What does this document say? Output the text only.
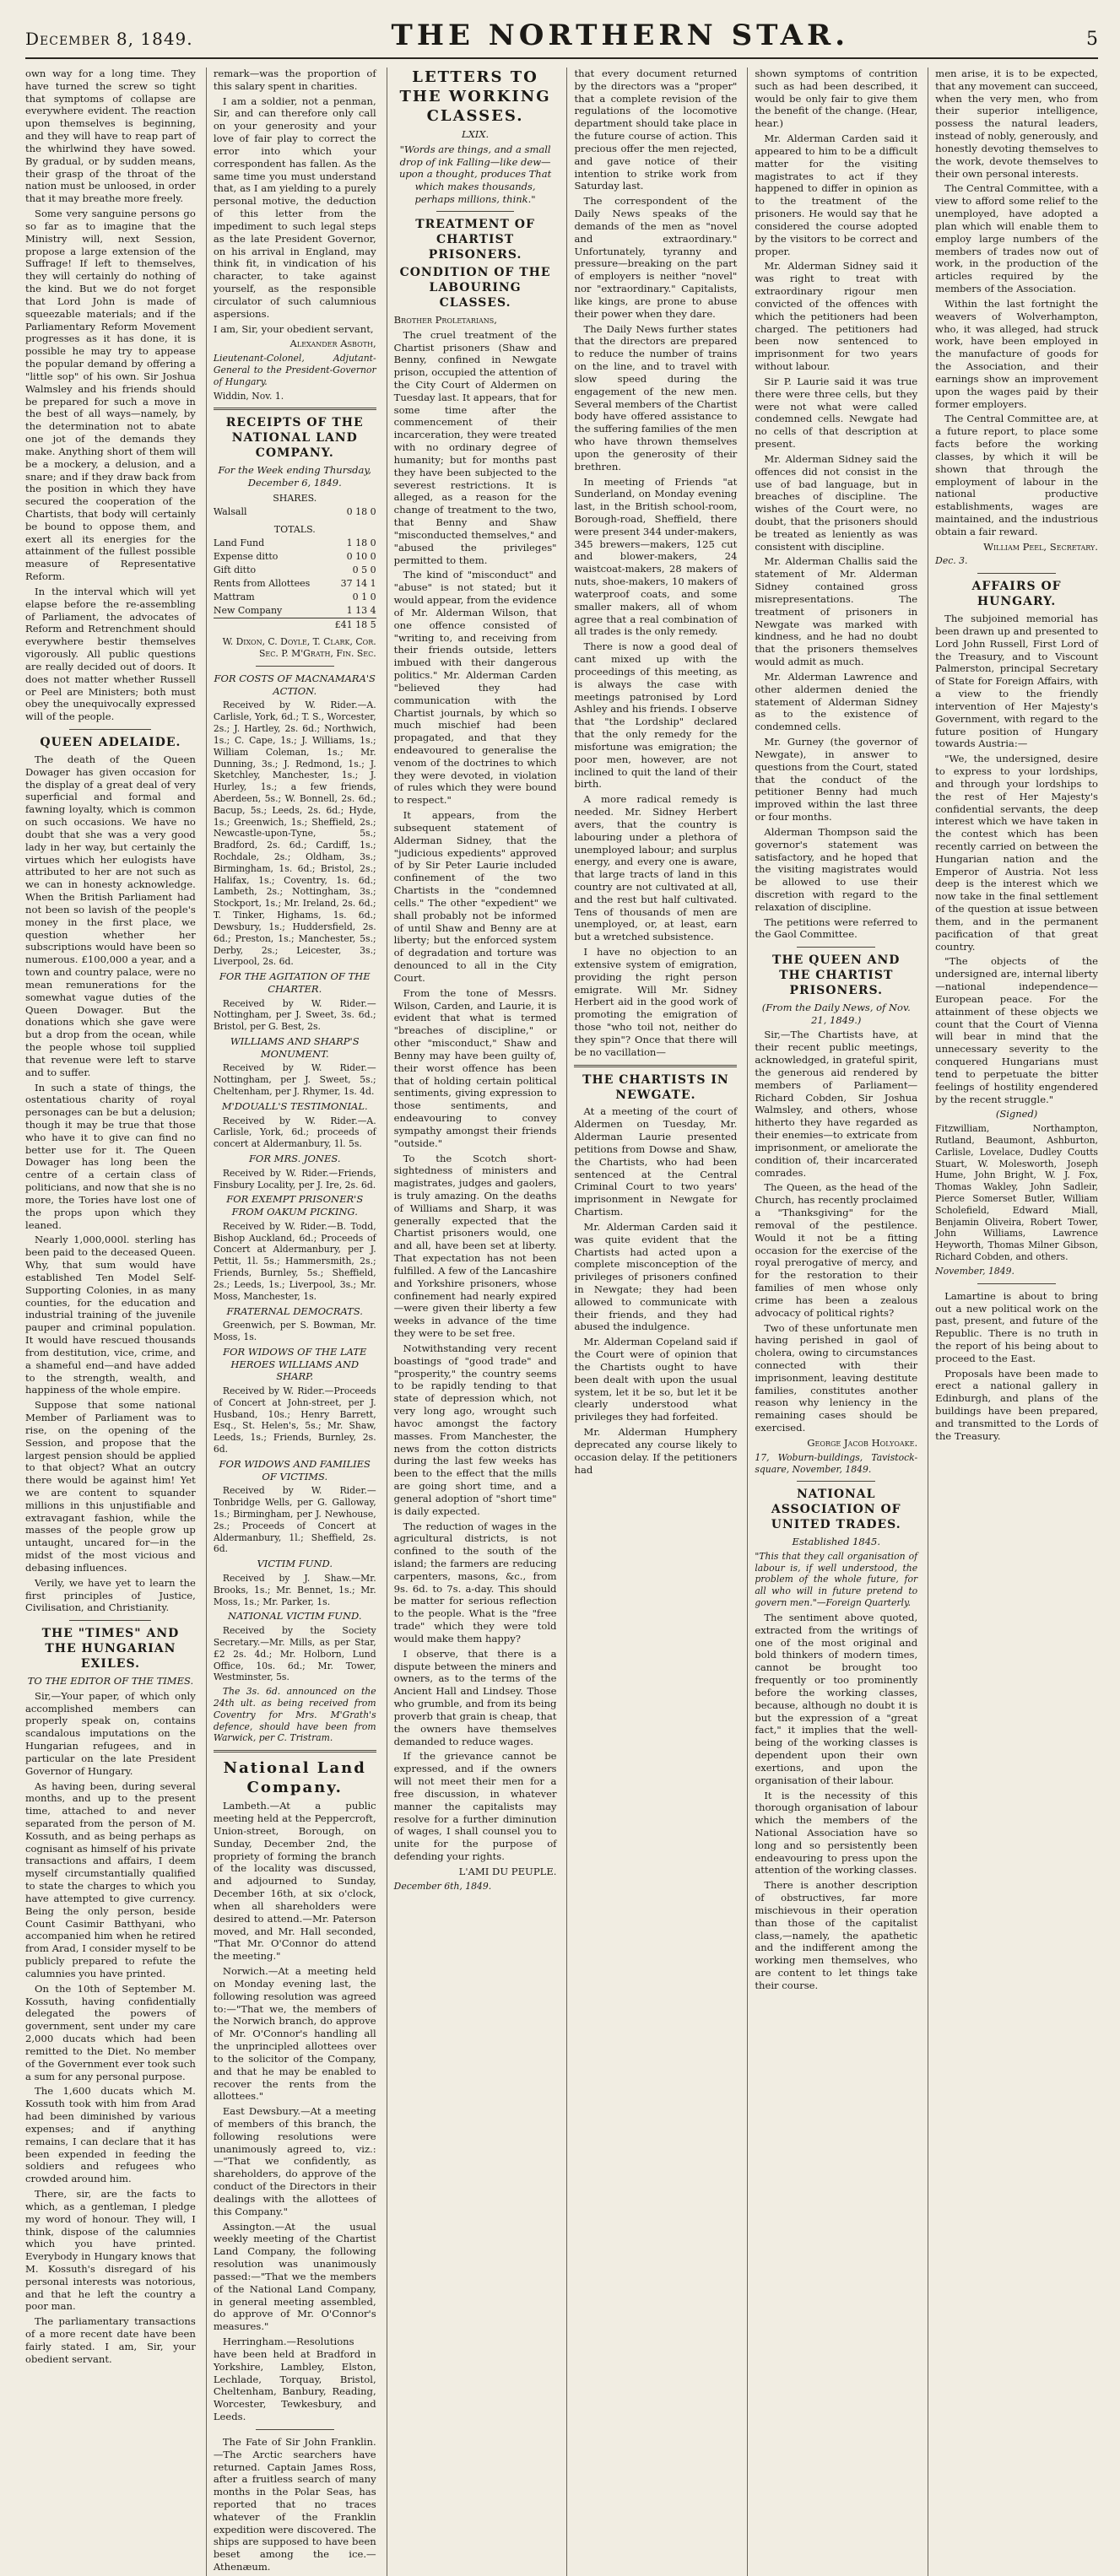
December 8, 1849.	THE NORTHERN STAR.	5

own way for a long time. They have turned the screw so tight that symptoms of collapse are everywhere evident. The reaction upon themselves is beginning, and they will have to reap part of the whirlwind they have sowed. By gradual, or by sudden means, their grasp of the throat of the nation must be unloosed, in order that it may breathe more freely.

Some very sanguine persons go so far as to imagine that the Ministry will, next Session, propose a large extension of the Suffrage! If left to themselves, they will certainly do nothing of the kind. But we do not forget that Lord John is made of squeezable materials; and if the Parliamentary Reform Movement progresses as it has done, it is possible he may try to appease the popular demand by offering a "little sop" of his own. Sir Joshua Walmsley and his friends should be prepared for such a move in the best of all ways—namely, by the determination not to abate one jot of the demands they make. Anything short of them will be a mockery, a delusion, and a snare; and if they draw back from the position in which they have secured the cooperation of the Chartists, that body will certainly be bound to oppose them, and exert all its energies for the attainment of the fullest possible measure of Representative Reform.

In the interval which will yet elapse before the re-assembling of Parliament, the advocates of Reform and Retrenchment should everywhere bestir themselves vigorously. All public questions are really decided out of doors. It does not matter whether Russell or Peel are Ministers; both must obey the unequivocally expressed will of the people.

QUEEN ADELAIDE.

The death of the Queen Dowager has given occasion for the display of a great deal of very superficial and formal and fawning loyalty, which is common on such occasions. We have no doubt that she was a very good lady in her way, but certainly the virtues which her eulogists have attributed to her are not such as we can in honesty acknowledge. When the British Parliament had not been so lavish of the people's money in the first place, we question whether her subscriptions would have been so numerous. £100,000 a year, and a town and country palace, were no mean remunerations for the somewhat vague duties of the Queen Dowager. But the donations which she gave were but a drop from the ocean, while the people whose toil supplied that revenue were left to starve and to suffer.

In such a state of things, the ostentatious charity of royal personages can be but a delusion; though it may be true that those who have it to give can find no better use for it. The Queen Dowager has long been the centre of a certain class of politicians, and now that she is no more, the Tories have lost one of the props upon which they leaned.

Nearly 1,000,000l. sterling has been paid to the deceased Queen. Why, that sum would have established Ten Model Self-Supporting Colonies, in as many counties, for the education and industrial training of the juvenile pauper and criminal population. It would have rescued thousands from destitution, vice, crime, and a shameful end—and have added to the strength, wealth, and happiness of the whole empire.

Suppose that some national Member of Parliament was to rise, on the opening of the Session, and propose that the largest pension should be applied to that object? What an outcry there would be against him! Yet we are content to squander millions in this unjustifiable and extravagant fashion, while the masses of the people grow up untaught, uncared for—in the midst of the most vicious and debasing influences.

Verily, we have yet to learn the first principles of Justice, Civilisation, and Christianity.

THE "TIMES" AND THE HUNGARIAN EXILES.

TO THE EDITOR OF THE TIMES.

Sir,—Your paper, of which only accomplished members can properly speak on, contains scandalous imputations on the Hungarian refugees, and in particular on the late President Governor of Hungary.

As having been, during several months, and up to the present time, attached to and never separated from the person of M. Kossuth, and as being perhaps as cognisant as himself of his private transactions and affairs, I deem myself circumstantially qualified to state the charges to which you have attempted to give currency. Being the only person, beside Count Casimir Batthyani, who accompanied him when he retired from Arad, I consider myself to be publicly prepared to refute the calumnies you have printed.

On the 10th of September M. Kossuth, having confidentially delegated the powers of government, sent under my care 2,000 ducats which had been remitted to the Diet. No member of the Government ever took such a sum for any personal purpose.

The 1,600 ducats which M. Kossuth took with him from Arad had been diminished by various expenses; and if anything remains, I can declare that it has been expended in feeding the soldiers and refugees who crowded around him.

There, sir, are the facts to which, as a gentleman, I pledge my word of honour. They will, I think, dispose of the calumnies which you have printed. Everybody in Hungary knows that M. Kossuth's disregard of his personal interests was notorious, and that he left the country a poor man.

The parliamentary transactions of a more recent date have been fairly stated. I am, Sir, your obedient servant.

remark—was the proportion of this salary spent in charities.

I am a soldier, not a penman, Sir, and can therefore only call on your generosity and your love of fair play to correct the error into which your correspondent has fallen. As the same time you must understand that, as I am yielding to a purely personal motive, the deduction of this letter from the impediment to such legal steps as the late President Governor, on his arrival in England, may think fit, in vindication of his character, to take against yourself, as the responsible circulator of such calumnious aspersions.

I am, Sir, your obedient servant,

Alexander Asboth,

Lieutenant-Colonel, Adjutant-General to the President-Governor of Hungary.

Widdin, Nov. 1.

RECEIPTS OF THE NATIONAL LAND COMPANY.

For the Week ending Thursday, December 6, 1849.

SHARES.
Walsall	0 18 0
TOTALS.	
Land Fund	1 18 0
Expense ditto	0 10 0
Gift ditto	0 5 0
Rents from Allottees	37 14 1
Mattram	0 1 0
New Company	1 13 4
	£41 18 5

W. Dixon, C. Doyle, T. Clark, Cor. Sec. P. M'Grath, Fin. Sec.

FOR COSTS OF MACNAMARA'S ACTION.

Received by W. Rider.—A. Carlisle, York, 6d.; T. S., Worcester, 2s.; J. Hartley, 2s. 6d.; Northwich, 1s.; C. Cape, 1s.; J. Williams, 1s.; William Coleman, 1s.; Mr. Dunning, 3s.; J. Redmond, 1s.; J. Sketchley, Manchester, 1s.; J. Hurley, 1s.; a few friends, Aberdeen, 5s.; W. Bonnell, 2s. 6d.; Bacup, 5s.; Leeds, 2s. 6d.; Hyde, 1s.; Greenwich, 1s.; Sheffield, 2s.; Newcastle-upon-Tyne, 5s.; Bradford, 2s. 6d.; Cardiff, 1s.; Rochdale, 2s.; Oldham, 3s.; Birmingham, 1s. 6d.; Bristol, 2s.; Halifax, 1s.; Coventry, 1s. 6d.; Lambeth, 2s.; Nottingham, 3s.; Stockport, 1s.; Mr. Ireland, 2s. 6d.; T. Tinker, Highams, 1s. 6d.; Dewsbury, 1s.; Huddersfield, 2s. 6d.; Preston, 1s.; Manchester, 5s.; Derby, 2s.; Leicester, 3s.; Liverpool, 2s. 6d.

FOR THE AGITATION OF THE CHARTER.

Received by W. Rider.—Nottingham, per J. Sweet, 3s. 6d.; Bristol, per G. Best, 2s.

WILLIAMS AND SHARP'S MONUMENT.

Received by W. Rider.—Nottingham, per J. Sweet, 5s.; Cheltenham, per J. Rhymer, 1s. 4d.

M'DOUALL'S TESTIMONIAL.

Received by W. Rider.—A. Carlisle, York, 6d.; proceeds of concert at Aldermanbury, 1l. 5s.

FOR MRS. JONES.

Received by W. Rider.—Friends, Finsbury Locality, per J. Ire, 2s. 6d.

FOR EXEMPT PRISONER'S FROM OAKUM PICKING.

Received by W. Rider.—B. Todd, Bishop Auckland, 6d.; Proceeds of Concert at Aldermanbury, per J. Pettit, 1l. 5s.; Hammersmith, 2s.; Friends, Burnley, 5s.; Sheffield, 2s.; Leeds, 1s.; Liverpool, 3s.; Mr. Moss, Manchester, 1s.

FRATERNAL DEMOCRATS.

Greenwich, per S. Bowman, Mr. Moss, 1s.

FOR WIDOWS OF THE LATE HEROES WILLIAMS AND SHARP.

Received by W. Rider.—Proceeds of Concert at John-street, per J. Husband, 10s.; Henry Barrett, Esq., St. Helen's, 5s.; Mr. Shaw, Leeds, 1s.; Friends, Burnley, 2s. 6d.

FOR WIDOWS AND FAMILIES OF VICTIMS.

Received by W. Rider.—Tonbridge Wells, per G. Galloway, 1s.; Birmingham, per J. Newhouse, 2s.; Proceeds of Concert at Aldermanbury, 1l.; Sheffield, 2s. 6d.

VICTIM FUND.

Received by J. Shaw.—Mr. Brooks, 1s.; Mr. Bennet, 1s.; Mr. Moss, 1s.; Mr. Parker, 1s.

NATIONAL VICTIM FUND.

Received by the Society Secretary.—Mr. Mills, as per Star, £2 2s. 4d.; Mr. Holborn, Lund Office, 10s. 6d.; Mr. Tower, Westminster, 5s.

The 3s. 6d. announced on the 24th ult. as being received from Coventry for Mrs. M'Grath's defence, should have been from Warwick, per C. Tristram.

National Land Company.

Lambeth.—At a public meeting held at the Peppercroft, Union-street, Borough, on Sunday, December 2nd, the propriety of forming the branch of the locality was discussed, and adjourned to Sunday, December 16th, at six o'clock, when all shareholders were desired to attend.—Mr. Paterson moved, and Mr. Hall seconded, "That Mr. O'Connor do attend the meeting."

Norwich.—At a meeting held on Monday evening last, the following resolution was agreed to:—"That we, the members of the Norwich branch, do approve of Mr. O'Connor's handling all the unprincipled allottees over to the solicitor of the Company, and that he may be enabled to recover the rents from the allottees."

East Dewsbury.—At a meeting of members of this branch, the following resolutions were unanimously agreed to, viz.:—"That we confidently, as shareholders, do approve of the conduct of the Directors in their dealings with the allottees of this Company."

Assington.—At the usual weekly meeting of the Chartist Land Company, the following resolution was unanimously passed:—"That we the members of the National Land Company, in general meeting assembled, do approve of Mr. O'Connor's measures."

Herringham.—Resolutions have been held at Bradford in Yorkshire, Lambley, Elston, Lechlade, Torquay, Bristol, Cheltenham, Banbury, Reading, Worcester, Tewkesbury, and Leeds.

The Fate of Sir John Franklin.—The Arctic searchers have returned. Captain James Ross, after a fruitless search of many months in the Polar Seas, has reported that no traces whatever of the Franklin expedition were discovered. The ships are supposed to have been beset among the ice.—Athenæum.

LETTERS TO THE WORKING CLASSES.

LXIX.

"Words are things, and a small drop of ink Falling—like dew—upon a thought, produces That which makes thousands, perhaps millions, think."

TREATMENT OF CHARTIST PRISONERS.

CONDITION OF THE LABOURING CLASSES.

Brother Proletarians,

The cruel treatment of the Chartist prisoners (Shaw and Benny, confined in Newgate prison, occupied the attention of the City Court of Aldermen on Tuesday last. It appears, that for some time after the commencement of their incarceration, they were treated with no ordinary degree of humanity; but for months past they have been subjected to the severest restrictions. It is alleged, as a reason for the change of treatment to the two, that Benny and Shaw "misconducted themselves," and "abused the privileges" permitted to them.

The kind of "misconduct" and "abuse" is not stated; but it would appear, from the evidence of Mr. Alderman Wilson, that one offence consisted of "writing to, and receiving from their friends outside, letters imbued with their dangerous politics." Mr. Alderman Carden "believed they had communication with the Chartist journals, by which so much mischief had been propagated, and that they endeavoured to generalise the venom of the doctrines to which they were devoted, in violation of rules which they were bound to respect."

It appears, from the subsequent statement of Alderman Sidney, that the "judicious expedients" approved of by Sir Peter Laurie included confinement of the two Chartists in the "condemned cells." The other "expedient" we shall probably not be informed of until Shaw and Benny are at liberty; but the enforced system of degradation and torture was denounced to all in the City Court.

From the tone of Messrs. Wilson, Carden, and Laurie, it is evident that what is termed "breaches of discipline," or other "misconduct," Shaw and Benny may have been guilty of, their worst offence has been that of holding certain political sentiments, giving expression to those sentiments, and endeavouring to convey sympathy amongst their friends "outside."

To the Scotch short-sightedness of ministers and magistrates, judges and gaolers, is truly amazing. On the deaths of Williams and Sharp, it was generally expected that the Chartist prisoners would, one and all, have been set at liberty. That expectation has not been fulfilled. A few of the Lancashire and Yorkshire prisoners, whose confinement had nearly expired—were given their liberty a few weeks in advance of the time they were to be set free.

Notwithstanding very recent boastings of "good trade" and "prosperity," the country seems to be rapidly tending to that state of depression which, not very long ago, wrought such havoc amongst the factory masses. From Manchester, the news from the cotton districts during the last few weeks has been to the effect that the mills are going short time, and a general adoption of "short time" is daily expected.

The reduction of wages in the agricultural districts, is not confined to the south of the island; the farmers are reducing carpenters, masons, &c., from 9s. 6d. to 7s. a-day. This should be matter for serious reflection to the people. What is the "free trade" which they were told would make them happy?

I observe, that there is a dispute between the miners and owners, as to the terms of the Ancient Hall and Lindsey. Those who grumble, and from its being proverb that grain is cheap, that the owners have themselves demanded to reduce wages.

If the grievance cannot be expressed, and if the owners will not meet their men for a free discussion, in whatever manner the capitalists may resolve for a further diminution of wages, I shall counsel you to unite for the purpose of defending your rights.

L'AMI DU PEUPLE.

December 6th, 1849.

that every document returned by the directors was a "proper" that a complete revision of the regulations of the locomotive department should take place in the future course of action. This precious offer the men rejected, and gave notice of their intention to strike work from Saturday last.

The correspondent of the Daily News speaks of the demands of the men as "novel and extraordinary." Unfortunately, tyranny and pressure—breaking on the part of employers is neither "novel" nor "extraordinary." Capitalists, like kings, are prone to abuse their power when they dare.

The Daily News further states that the directors are prepared to reduce the number of trains on the line, and to travel with slow speed during the engagement of the new men. Several members of the Chartist body have offered assistance to the suffering families of the men who have thrown themselves upon the generosity of their brethren.

In meeting of Friends "at Sunderland, on Monday evening last, in the British school-room, Borough-road, Sheffield, there were present 344 under-makers, 345 brewers—makers, 125 cut and blower-makers, 24 waistcoat-makers, 28 makers of nuts, shoe-makers, 10 makers of waterproof coats, and some smaller makers, all of whom agree that a real combination of all trades is the only remedy.

There is now a good deal of cant mixed up with the proceedings of this meeting, as is always the case with meetings patronised by Lord Ashley and his friends. I observe that "the Lordship" declared that the only remedy for the misfortune was emigration; the poor men, however, are not inclined to quit the land of their birth.

A more radical remedy is needed. Mr. Sidney Herbert avers, that the country is labouring under a plethora of unemployed labour; and surplus energy, and every one is aware, that large tracts of land in this country are not cultivated at all, and the rest but half cultivated. Tens of thousands of men are unemployed, or, at least, earn but a wretched subsistence.

I have no objection to an extensive system of emigration, providing the right person emigrate. Will Mr. Sidney Herbert aid in the good work of promoting the emigration of those "who toil not, neither do they spin"? Once that there will be no vacillation—

THE CHARTISTS IN NEWGATE.

At a meeting of the court of Aldermen on Tuesday, Mr. Alderman Laurie presented petitions from Dowse and Shaw, the Chartists, who had been sentenced at the Central Criminal Court to two years' imprisonment in Newgate for Chartism.

Mr. Alderman Carden said it was quite evident that the Chartists had acted upon a complete misconception of the privileges of prisoners confined in Newgate; they had been allowed to communicate with their friends, and they had abused the indulgence.

Mr. Alderman Copeland said if the Court were of opinion that the Chartists ought to have been dealt with upon the usual system, let it be so, but let it be clearly understood what privileges they had forfeited.

Mr. Alderman Humphery deprecated any course likely to occasion delay. If the petitioners had

shown symptoms of contrition such as had been described, it would be only fair to give them the benefit of the change. (Hear, hear.)

Mr. Alderman Carden said it appeared to him to be a difficult matter for the visiting magistrates to act if they happened to differ in opinion as to the treatment of the prisoners. He would say that he considered the course adopted by the visitors to be correct and proper.

Mr. Alderman Sidney said it was right to treat with extraordinary rigour men convicted of the offences with which the petitioners had been charged. The petitioners had been now sentenced to imprisonment for two years without labour.

Sir P. Laurie said it was true there were three cells, but they were not what were called condemned cells. Newgate had no cells of that description at present.

Mr. Alderman Sidney said the offences did not consist in the use of bad language, but in breaches of discipline. The wishes of the Court were, no doubt, that the prisoners should be treated as leniently as was consistent with discipline.

Mr. Alderman Challis said the statement of Mr. Alderman Sidney contained gross misrepresentations. The treatment of prisoners in Newgate was marked with kindness, and he had no doubt that the prisoners themselves would admit as much.

Mr. Alderman Lawrence and other aldermen denied the statement of Alderman Sidney as to the existence of condemned cells.

Mr. Gurney (the governor of Newgate), in answer to questions from the Court, stated that the conduct of the petitioner Benny had much improved within the last three or four months.

Alderman Thompson said the governor's statement was satisfactory, and he hoped that the visiting magistrates would be allowed to use their discretion with regard to the relaxation of discipline.

The petitions were referred to the Gaol Committee.

THE QUEEN AND THE CHARTIST PRISONERS.

(From the Daily News, of Nov. 21, 1849.)

Sir,—The Chartists have, at their recent public meetings, acknowledged, in grateful spirit, the generous aid rendered by members of Parliament—Richard Cobden, Sir Joshua Walmsley, and others, whose hitherto they have regarded as their enemies—to extricate from imprisonment, or ameliorate the condition of, their incarcerated comrades.

The Queen, as the head of the Church, has recently proclaimed a "Thanksgiving" for the removal of the pestilence. Would it not be a fitting occasion for the exercise of the royal prerogative of mercy, and for the restoration to their families of men whose only crime has been a zealous advocacy of political rights?

Two of these unfortunate men having perished in gaol of cholera, owing to circumstances connected with their imprisonment, leaving destitute families, constitutes another reason why leniency in the remaining cases should be exercised.

George Jacob Holyoake.

17, Woburn-buildings, Tavistock-square, November, 1849.

NATIONAL ASSOCIATION OF UNITED TRADES.

Established 1845.

"This that they call organisation of labour is, if well understood, the problem of the whole future, for all who will in future pretend to govern men."—Foreign Quarterly.

The sentiment above quoted, extracted from the writings of one of the most original and bold thinkers of modern times, cannot be brought too frequently or too prominently before the working classes, because, although no doubt it is but the expression of a "great fact," it implies that the well-being of the working classes is dependent upon their own exertions, and upon the organisation of their labour.

It is the necessity of this thorough organisation of labour which the members of the National Association have so long and so persistently been endeavouring to press upon the attention of the working classes.

There is another description of obstructives, far more mischievous in their operation than those of the capitalist class,—namely, the apathetic and the indifferent among the working men themselves, who are content to let things take their course.

men arise, it is to be expected, that any movement can succeed, when the very men, who from their superior intelligence, possess the natural leaders, instead of nobly, generously, and honestly devoting themselves to the work, devote themselves to their own personal interests.

The Central Committee, with a view to afford some relief to the unemployed, have adopted a plan which will enable them to employ large numbers of the members of trades now out of work, in the production of the articles required by the members of the Association.

Within the last fortnight the weavers of Wolverhampton, who, it was alleged, had struck work, have been employed in the manufacture of goods for the Association, and their earnings show an improvement upon the wages paid by their former employers.

The Central Committee are, at a future report, to place some facts before the working classes, by which it will be shown that through the employment of labour in the national productive establishments, wages are maintained, and the industrious obtain a fair reward.

William Peel, Secretary.

Dec. 3.

AFFAIRS OF HUNGARY.

The subjoined memorial has been drawn up and presented to Lord John Russell, First Lord of the Treasury, and to Viscount Palmerston, principal Secretary of State for Foreign Affairs, with a view to the friendly intervention of Her Majesty's Government, with regard to the future position of Hungary towards Austria:—

"We, the undersigned, desire to express to your lordships, and through your lordships to the rest of Her Majesty's confidential servants, the deep interest which we have taken in the contest which has been recently carried on between the Hungarian nation and the Emperor of Austria. Not less deep is the interest which we now take in the final settlement of the question at issue between them, and in the permanent pacification of that great country.

"The objects of the undersigned are, internal liberty—national independence—European peace. For the attainment of these objects we count that the Court of Vienna will bear in mind that the unnecessary severity to the conquered Hungarians must tend to perpetuate the bitter feelings of hostility engendered by the recent struggle."

(Signed)

Fitzwilliam, Northampton, Rutland, Beaumont, Ashburton, Carlisle, Lovelace, Dudley Coutts Stuart, W. Molesworth, Joseph Hume, John Bright, W. J. Fox, Thomas Wakley, John Sadleir, Pierce Somerset Butler, William Scholefield, Edward Miall, Benjamin Oliveira, Robert Tower, John Williams, Lawrence Heyworth, Thomas Milner Gibson, Richard Cobden, and others.

November, 1849.

Lamartine is about to bring out a new political work on the past, present, and future of the Republic. There is no truth in the report of his being about to proceed to the East.

Proposals have been made to erect a national gallery in Edinburgh, and plans of the buildings have been prepared, and transmitted to the Lords of the Treasury.
